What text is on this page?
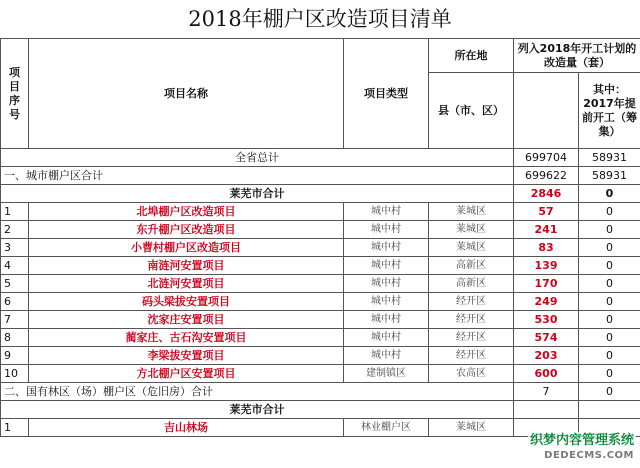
2018年棚户区改造项目清单
项目序号	项目名称	项目类型	所在地	列入2018年开工计划的改造量（套）	
			县（市、区）		其中：2017年提前开工（筹集）
全省总计				699704	58931
一、城市棚户区合计				699622	58931
莱芜市合计				2846	0
1	北埠棚户区改造项目	城中村	莱城区	57	0
2	东升棚户区改造项目	城中村	莱城区	241	0
3	小曹村棚户区改造项目	城中村	莱城区	83	0
4	南涟河安置项目	城中村	高新区	139	0
5	北涟河安置项目	城中村	高新区	170	0
6	码头梁拔安置项目	城中村	经开区	249	0
7	沈家庄安置项目	城中村	经开区	530	0
8	蔺家庄、古石沟安置项目	城中村	经开区	574	0
9	李梁拔安置项目	城中村	经开区	203	0
10	方北棚户区安置项目	建制镇区	农高区	600	0
二、国有林区（场）棚户区（危旧房）合计				7	0
莱芜市合计					
1	吉山林场	林业棚户区	莱城区		
织梦内容管理系统
DEDECMS.COM
